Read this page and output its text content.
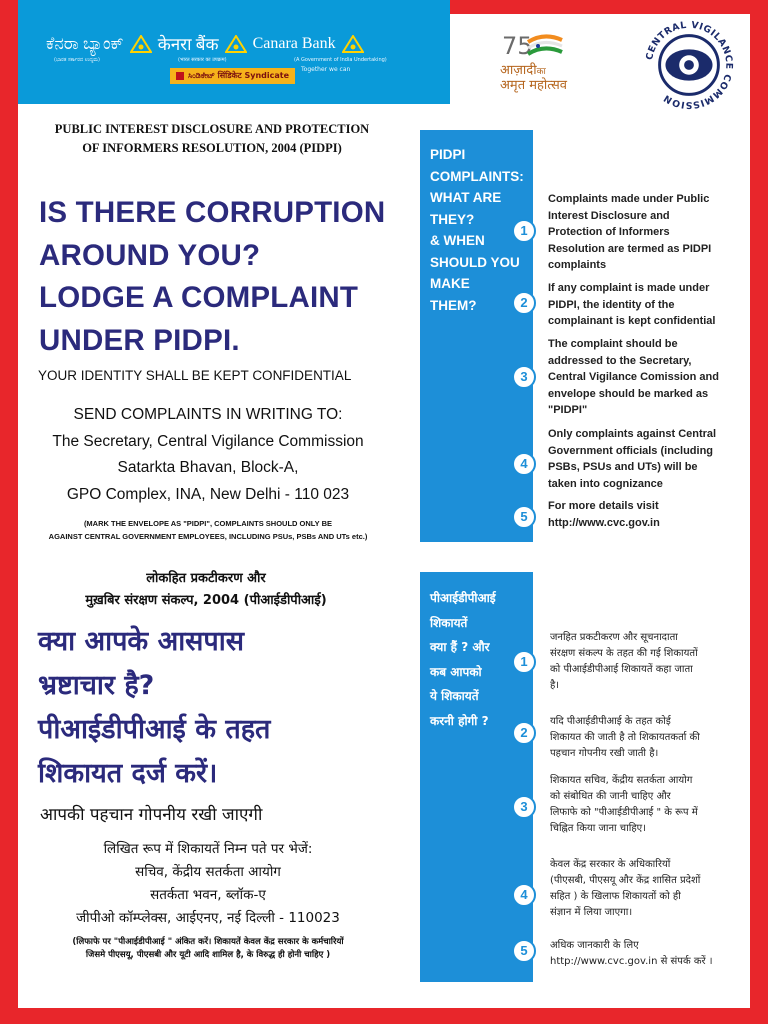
ಕೆನರಾ ಬ್ಯಾಂಕ್ केनरा बैंक Canara Bank
(ಭಾರತ ಸರ್ಕಾರದ ಉದ್ಯಮ)	(भारत सरकार का उपक्रम)	(A Government of India Undertaking)
Together we can
ಸಿಂಡಿಕೇಟ್ सिंडिकेट Syndicate
75
आज़ादीका
अमृत महोत्सव
CENTRAL VIGILANCE COMMISSION
PUBLIC INTEREST DISCLOSURE AND PROTECTION
OF INFORMERS RESOLUTION, 2004 (PIDPI)
IS THERE CORRUPTION
AROUND YOU?
LODGE A COMPLAINT
UNDER PIDPI.
YOUR IDENTITY SHALL BE KEPT CONFIDENTIAL
SEND COMPLAINTS IN WRITING TO:
The Secretary, Central Vigilance Commission
Satarkta Bhavan, Block-A,
GPO Complex, INA, New Delhi - 110 023
(MARK THE ENVELOPE AS "PIDPI", COMPLAINTS SHOULD ONLY BE
AGAINST CENTRAL GOVERNMENT EMPLOYEES, INCLUDING PSUs, PSBs AND UTs etc.)
PIDPI
COMPLAINTS:
WHAT ARE
THEY?
& WHEN
SHOULD YOU
MAKE
THEM?
1
Complaints made under Public
Interest Disclosure and
Protection of Informers
Resolution are termed as PIDPI
complaints
2
If any complaint is made under
PIDPI, the identity of the
complainant is kept confidential
3
The complaint should be
addressed to the Secretary,
Central Vigilance Comission and
envelope should be marked as
"PIDPI"
4
Only complaints against Central
Government officials (including
PSBs, PSUs and UTs) will be
taken into cognizance
5
For more details visit
http://www.cvc.gov.in
लोकहित प्रकटीकरण और
मुख़बिर संरक्षण संकल्प, 2004 (पीआईडीपीआई)
क्या आपके आसपास
भ्रष्टाचार है?
पीआईडीपीआई के तहत
शिकायत दर्ज करें।
आपकी पहचान गोपनीय रखी जाएगी
लिखित रूप में शिकायतें निम्न पते पर भेजें:
सचिव, केंद्रीय सतर्कता आयोग
सतर्कता भवन, ब्लॉक-ए
जीपीओ कॉम्प्लेक्स, आईएनए, नई दिल्ली - 110023
(लिफाफे पर "पीआईडीपीआई " अंकित करें। शिकायतें केवल केंद्र सरकार के कर्मचारियों
जिसमे पीएसयू, पीएसबी और यूटी आदि शामिल है, के विरुद्ध ही होनी चाहिए )
पीआईडीपीआई
शिकायतें
क्या हैं ? और
कब आपको
ये शिकायतें
करनी होगी ?
1
जनहित प्रकटीकरण और सूचनादाता
संरक्षण संकल्प के तहत की गई शिकायतों
को पीआईडीपीआई शिकायतें कहा जाता
है।
2
यदि पीआईडीपीआई के तहत कोई
शिकायत की जाती है तो शिकायतकर्ता की
पहचान गोपनीय रखी जाती है।
3
शिकायत सचिव, केंद्रीय सतर्कता आयोग
को संबोधित की जानी चाहिए और
लिफाफे को "पीआईडीपीआई " के रूप में
चिह्नित किया जाना चाहिए।
4
केवल केंद्र सरकार के अधिकारियों
(पीएसबी, पीएसयू और केंद्र शासित प्रदेशों
सहित ) के खिलाफ शिकायतों को ही
संज्ञान में लिया जाएगा।
5	अधिक जानकारी के लिए
http://www.cvc.gov.in से संपर्क करें ।
